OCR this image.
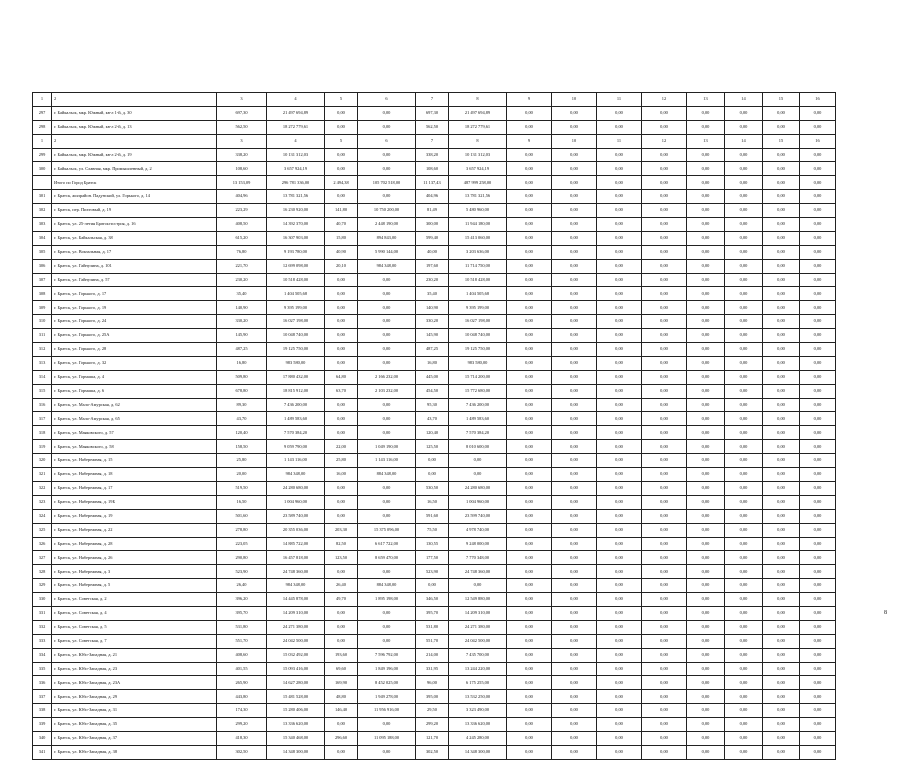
1	2	3	4	5	6	7	8	9	10	11	12	13	14	15	16
297	г. Байкальск, мкр. Южный, кв-л 1-й, д. 30	697,30	21 497 694,89	0,00	0,00	697,30	21 497 694,89	0,00	0,00	0,00	0,00	0,00	0,00	0,00	0,00
298	г. Байкальск, мкр. Южный, кв-л 2-й, д. 13	562,50	18 272 779,61	0,00	0,00	562,50	18 272 779,61	0,00	0,00	0,00	0,00	0,00	0,00	0,00	0,00
1	2	3	4	5	6	7	8	9	10	11	12	13	14	15	16
299	г. Байкальск, мкр. Южный, кв-л 2-й, д. 19	338,20	10 131 312,03	0,00	0,00	338,20	10 131 312,03	0,00	0,00	0,00	0,00	0,00	0,00	0,00	0,00
300	г. Байкальск, ул. Славная, мкр. Промышленный, д. 2	108,60	3 657 924,19	0,00	0,00	108,60	3 657 924,19	0,00	0,00	0,00	0,00	0,00	0,00	0,00	0,00
	Итого по Город Братск	13 153,09	296 781 336,00	2 494,38	105 702 518,00	11 137,43	487 999 258,00	0,00	0,00	0,00	0,00	0,00	0,00	0,00	0,00
301	г. Братск, жилрайон. Падунский, ул. Горького, д. 14	404,96	13 781 321,56	0,00	0,00	404,96	13 781 321,56	0,00	0,00	0,00	0,00	0,00	0,00	0,00	0,00
302	г. Братск, пер. Пихтовый, д. 19	223,29	16 230 920,00	141,80	10 750 200,00	81,49	5 480 960,00	0,00	0,00	0,00	0,00	0,00	0,00	0,00	0,00
303	г. Братск, ул. 25-летия Братскгэсстроя, д. 16	408,50	14 392 370,00	40,70	2 448 190,00	300,00	11 944 180,00	0,00	0,00	0,00	0,00	0,00	0,00	0,00	0,00
304	г. Братск, ул. Байкальская, д. 38	615,20	16 307 903,00	15,80	894 843,00	599,40	15 413 060,00	0,00	0,00	0,00	0,00	0,00	0,00	0,00	0,00
305	г. Братск, ул. Вокзальная, д. 17	76,80	9 193 780,00	40,90	5 990 144,00	40,00	3 203 636,00	0,00	0,00	0,00	0,00	0,00	0,00	0,00	0,00
306	г. Братск, ул. Гайнулина, д. 101	221,70	12 699 098,00	20,10	984 348,00	197,60	11 714 750,00	0,00	0,00	0,00	0,00	0,00	0,00	0,00	0,00
307	г. Братск, ул. Гайнулина, д. 57	230,20	10 518 428,00	0,00	0,00	230,20	10 518 428,00	0,00	0,00	0,00	0,00	0,00	0,00	0,00	0,00
308	г. Братск, ул. Горького, д. 17	35,40	1 404 505,68	0,00	0,00	35,40	1 404 505,68	0,00	0,00	0,00	0,00	0,00	0,00	0,00	0,00
309	г. Братск, ул. Горького, д. 19	140,90	9 395 199,00	0,00	0,00	140,90	9 395 199,00	0,00	0,00	0,00	0,00	0,00	0,00	0,00	0,00
310	г. Братск, ул. Горького, д. 24	330,20	16 027 198,00	0,00	0,00	330,20	16 027 198,00	0,00	0,00	0,00	0,00	0,00	0,00	0,00	0,00
311	г. Братск, ул. Горького, д. 25А	145,90	10 048 740,00	0,00	0,00	145,90	10 048 740,00	0,00	0,00	0,00	0,00	0,00	0,00	0,00	0,00
312	г. Братск, ул. Горького, д. 28	487,25	19 125 750,00	0,00	0,00	487,25	19 125 750,00	0,00	0,00	0,00	0,00	0,00	0,00	0,00	0,00
313	г. Братск, ул. Горького, д. 32	16,80	983 580,00	0,00	0,00	16,80	983 580,00	0,00	0,00	0,00	0,00	0,00	0,00	0,00	0,00
314	г. Братск, ул. Гормаша, д. 4	509,80	17 880 432,00	64,80	2 166 232,00	445,00	15 714 200,00	0,00	0,00	0,00	0,00	0,00	0,00	0,00	0,00
315	г. Братск, ул. Гормаша, д. 6	678,80	18 815 912,00	63,70	2 103 232,00	454,50	15 772 680,00	0,00	0,00	0,00	0,00	0,00	0,00	0,00	0,00
316	г. Братск, ул. Мало-Амурская, д. 62	89,30	7 436 200,00	0,00	0,00	95,30	7 436 200,00	0,00	0,00	0,00	0,00	0,00	0,00	0,00	0,00
317	г. Братск, ул. Мало-Амурская, д. 65	43,70	1 489 583,60	0,00	0,00	43,70	1 489 583,60	0,00	0,00	0,00	0,00	0,00	0,00	0,00	0,00
318	г. Братск, ул. Маяковского, д. 57	120,40	7 570 384,20	0,00	0,00	120,40	7 570 384,20	0,00	0,00	0,00	0,00	0,00	0,00	0,00	0,00
319	г. Братск, ул. Маяковского, д. 58	158,50	9 059 790,00	22,00	1 049 190,00	125,50	8 010 600,00	0,00	0,00	0,00	0,00	0,00	0,00	0,00	0,00
320	г. Братск, ул. Набережная, д. 15	25,80	1 143 116,00	25,80	1 143 116,00	0,00	0,00	0,00	0,00	0,00	0,00	0,00	0,00	0,00	0,00
321	г. Братск, ул. Набережная, д. 18	20,00	984 348,00	16,00	884 348,00	0,00	0,00	0,00	0,00	0,00	0,00	0,00	0,00	0,00	0,00
322	г. Братск, ул. Набережная, д. 17	519,50	24 280 680,00	0,00	0,00	530,50	24 280 680,00	0,00	0,00	0,00	0,00	0,00	0,00	0,00	0,00
323	г. Братск, ул. Набережная, д. 19Б	16,50	1 004 960,00	0,00	0,00	16,50	1 004 960,00	0,00	0,00	0,00	0,00	0,00	0,00	0,00	0,00
324	г. Братск, ул. Набережная, д. 19	501,60	23 589 740,00	0,00	0,00	591,60	23 599 740,00	0,00	0,00	0,00	0,00	0,00	0,00	0,00	0,00
325	г. Братск, ул. Набережная, д. 22	278,80	20 355 036,00	203,30	15 375 096,00	75,50	4 978 740,00	0,00	0,00	0,00	0,00	0,00	0,00	0,00	0,00
326	г. Братск, ул. Набережная, д. 28	223,05	14 885 722,00	82,50	6 617 722,00	130,55	9 248 000,00	0,00	0,00	0,00	0,00	0,00	0,00	0,00	0,00
327	г. Братск, ул. Набережная, д. 26	290,80	16 457 818,00	123,50	8 659 470,00	177,50	7 770 348,00	0,00	0,00	0,00	0,00	0,00	0,00	0,00	0,00
328	г. Братск, ул. Набережная, д. 3	523,90	24 748 360,00	0,00	0,00	523,90	24 748 360,00	0,00	0,00	0,00	0,00	0,00	0,00	0,00	0,00
329	г. Братск, ул. Набережная, д. 5	26,40	984 348,00	26,40	884 348,00	0,00	0,00	0,00	0,00	0,00	0,00	0,00	0,00	0,00	0,00
330	г. Братск, ул. Советская, д. 2	396,20	14 445 878,00	49,70	1 895 198,00	346,50	12 549 880,00	0,00	0,00	0,00	0,00	0,00	0,00	0,00	0,00
331	г. Братск, ул. Советская, д. 4	395,70	14 209 310,00	0,00	0,00	395,70	14 209 310,00	0,00	0,00	0,00	0,00	0,00	0,00	0,00	0,00
332	г. Братск, ул. Советская, д. 5	531,80	24 271 380,00	0,00	0,00	531,80	24 271 380,00	0,00	0,00	0,00	0,00	0,00	0,00	0,00	0,00
333	г. Братск, ул. Советская, д. 7	551,70	24 042 500,00	0,00	0,00	551,70	24 042 500,00	0,00	0,00	0,00	0,00	0,00	0,00	0,00	0,00
334	г. Братск, ул. Юбо-Западная, д. 21	408,60	15 032 492,00	193,60	7 596 792,00	214,00	7 435 700,00	0,00	0,00	0,00	0,00	0,00	0,00	0,00	0,00
335	г. Братск, ул. Юбо-Западная, д. 23	401,55	15 093 416,00	69,60	1 849 196,00	331,95	13 244 220,00	0,00	0,00	0,00	0,00	0,00	0,00	0,00	0,00
336	г. Братск, ул. Юбо-Западная, д. 23А	265,90	14 627 280,00	169,90	8 452 025,00	96,00	6 175 255,00	0,00	0,00	0,00	0,00	0,00	0,00	0,00	0,00
337	г. Братск, ул. Юбо-Западная, д. 29	443,80	15 481 528,00	48,80	1 949 278,00	395,00	13 532 250,00	0,00	0,00	0,00	0,00	0,00	0,00	0,00	0,00
338	г. Братск, ул. Юбо-Западная, д. 31	174,30	15 280 406,00	146,40	11 956 916,00	29,50	3 323 490,00	0,00	0,00	0,00	0,00	0,00	0,00	0,00	0,00
339	г. Братск, ул. Юбо-Западная, д. 35	299,20	13 336 620,00	0,00	0,00	299,20	13 336 620,00	0,00	0,00	0,00	0,00	0,00	0,00	0,00	0,00
340	г. Братск, ул. Юбо-Западная, д. 37	418,30	15 340 468,00	296,60	11 095 188,00	121,70	4 245 280,00	0,00	0,00	0,00	0,00	0,00	0,00	0,00	0,00
341	г. Братск, ул. Юбо-Западная, д. 38	302,50	14 348 300,00	0,00	0,00	302,50	14 348 300,00	0,00	0,00	0,00	0,00	0,00	0,00	0,00	0,00
8
